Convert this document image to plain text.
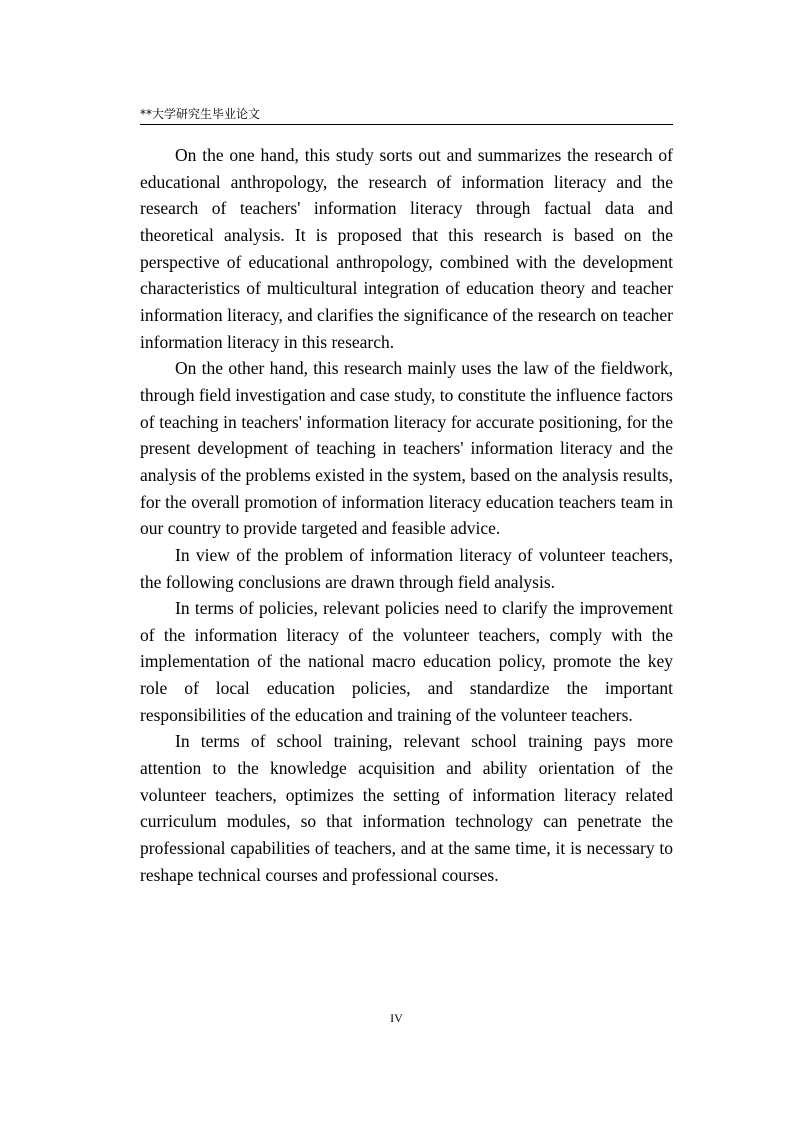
**大学研究生毕业论文

On the one hand, this study sorts out and summarizes the research of educational anthropology, the research of information literacy and the research of teachers' information literacy through factual data and theoretical analysis. It is proposed that this research is based on the perspective of educational anthropology, combined with the development characteristics of multicultural integration of education theory and teacher information literacy, and clarifies the significance of the research on teacher information literacy in this research.

On the other hand, this research mainly uses the law of the fieldwork, through field investigation and case study, to constitute the influence factors of teaching in teachers' information literacy for accurate positioning, for the present development of teaching in teachers' information literacy and the analysis of the problems existed in the system, based on the analysis results, for the overall promotion of information literacy education teachers team in our country to provide targeted and feasible advice.

In view of the problem of information literacy of volunteer teachers, the following conclusions are drawn through field analysis.

In terms of policies, relevant policies need to clarify the improvement of the information literacy of the volunteer teachers, comply with the implementation of the national macro education policy, promote the key role of local education policies, and standardize the important responsibilities of the education and training of the volunteer teachers.

In terms of school training, relevant school training pays more attention to the knowledge acquisition and ability orientation of the volunteer teachers, optimizes the setting of information literacy related curriculum modules, so that information technology can penetrate the professional capabilities of teachers, and at the same time, it is necessary to reshape technical courses and professional courses.

IV
